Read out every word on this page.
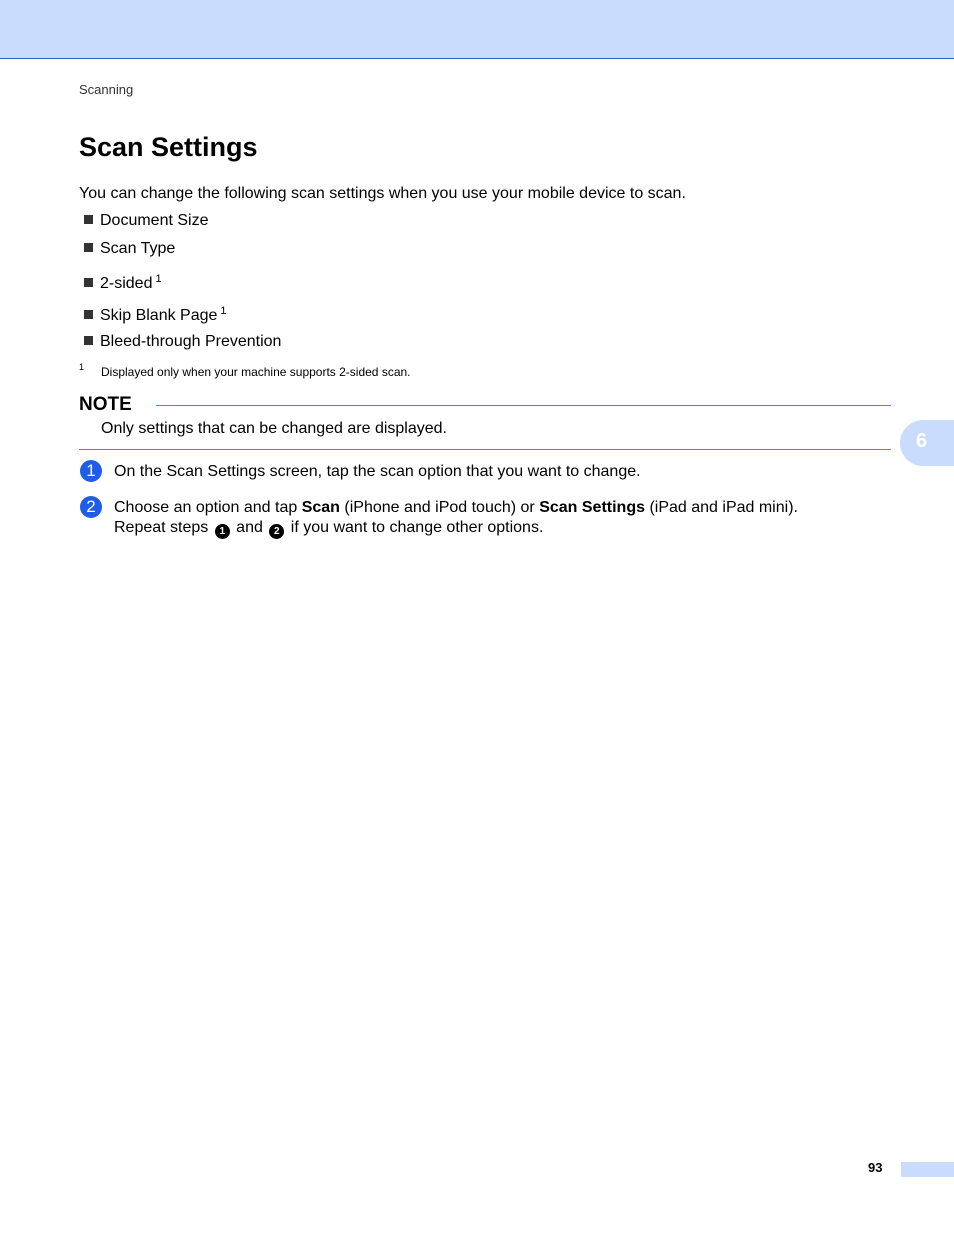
Scanning
Scan Settings
You can change the following scan settings when you use your mobile device to scan.
Document Size
Scan Type
2-sided $^1$
Skip Blank Page $^1$
Bleed-through Prevention
1 Displayed only when your machine supports 2-sided scan.
NOTE
Only settings that can be changed are displayed.
6
1	On the Scan Settings screen, tap the scan option that you want to change.
2	Choose an option and tap Scan (iPhone and iPod touch) or Scan Settings (iPad and iPad mini).
Repeat steps 1 and 2 if you want to change other options.
93
